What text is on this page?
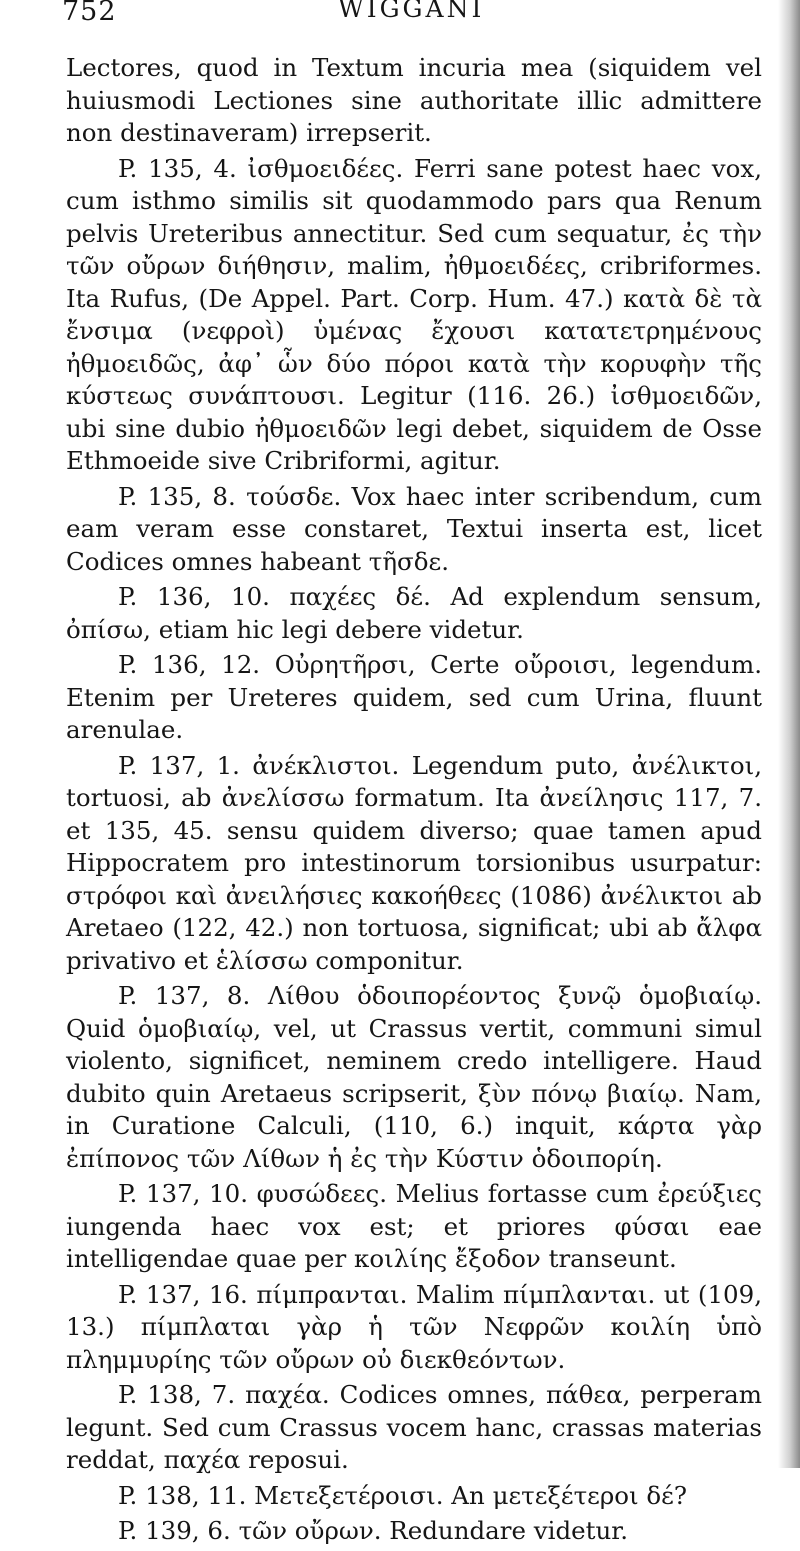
752	WIGGANI

Lectores, quod in Textum incuria mea (siquidem vel huiusmodi Lectiones sine authoritate illic admittere non destinaveram) irrepserit.

P. 135, 4. ἰσθμοειδέες. Ferri sane potest haec vox, cum isthmo similis sit quodammodo pars qua Renum pelvis Ureteribus annectitur. Sed cum sequatur, ἐς τὴν τῶν οὔρων διήθησιν, malim, ἠθμοειδέες, cribriformes. Ita Rufus, (De Appel. Part. Corp. Hum. 47.) κατὰ δὲ τὰ ἔνσιμα (νεφροὶ) ὑμένας ἔχουσι κατατετρημένους ἠθμοειδῶς, ἀφ᾽ ὧν δύο πόροι κατὰ τὴν κορυφὴν τῆς κύστεως συνάπτουσι. Legitur (116. 26.) ἰσθμοειδῶν, ubi sine dubio ἠθμοειδῶν legi debet, siquidem de Osse Ethmoeide sive Cribriformi, agitur.

P. 135, 8. τούσδε. Vox haec inter scribendum, cum eam veram esse constaret, Textui inserta est, licet Codices omnes habeant τῆσδε.

P. 136, 10. παχέες δέ. Ad explendum sensum, ὀπίσω, etiam hic legi debere videtur.

P. 136, 12. Οὐρητῆρσι, Certe οὔροισι, legendum. Etenim per Ureteres quidem, sed cum Urina, fluunt arenulae.

P. 137, 1. ἀνέκλιστοι. Legendum puto, ἀνέλικτοι, tortuosi, ab ἀνελίσσω formatum. Ita ἀνείλησις 117, 7. et 135, 45. sensu quidem diverso; quae tamen apud Hippocratem pro intestinorum torsionibus usurpatur: στρόφοι καὶ ἀνειλήσιες κακοήθεες (1086) ἀνέλικτοι ab Aretaeo (122, 42.) non tortuosa, significat; ubi ab ἄλφα privativo et ἑλίσσω componitur.

P. 137, 8. Λίθου ὁδοιπορέοντος ξυνῷ ὁμοβιαίῳ. Quid ὁμοβιαίῳ, vel, ut Crassus vertit, communi simul violento, significet, neminem credo intelligere. Haud dubito quin Aretaeus scripserit, ξὺν πόνῳ βιαίῳ. Nam, in Curatione Calculi, (110, 6.) inquit, κάρτα γὰρ ἐπίπονος τῶν Λίθων ἡ ἐς τὴν Κύστιν ὁδοιπορίη.

P. 137, 10. φυσώδεες. Melius fortasse cum ἐρεύξιες iungenda haec vox est; et priores φύσαι eae intelligendae quae per κοιλίης ἔξοδον transeunt.

P. 137, 16. πίμπρανται. Malim πίμπλανται. ut (109, 13.) πίμπλαται γὰρ ἡ τῶν Νεφρῶν κοιλίη ὑπὸ πλημμυρίης τῶν οὔρων οὐ διεκθεόντων.

P. 138, 7. παχέα. Codices omnes, πάθεα, perperam legunt. Sed cum Crassus vocem hanc, crassas materias reddat, παχέα reposui.

P. 138, 11. Μετεξετέροισι. An μετεξέτεροι δέ?

P. 139, 6. τῶν οὔρων. Redundare videtur.
